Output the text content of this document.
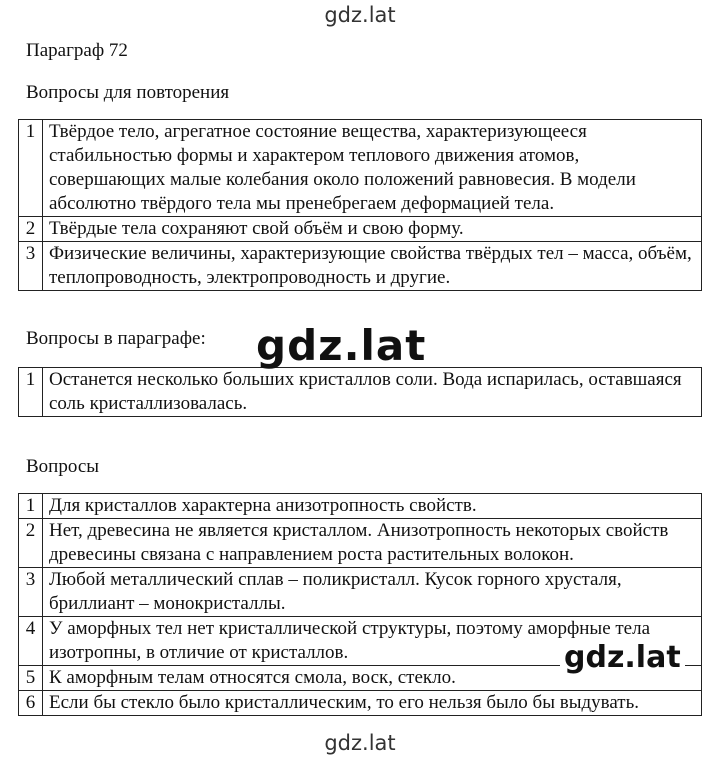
gdz.lat
Параграф 72
Вопросы для повторения
1	Твёрдое тело, агрегатное состояние вещества, характеризующееся стабильностью формы и характером теплового движения атомов, совершающих малые колебания около положений равновесия. В модели абсолютно твёрдого тела мы пренебрегаем деформацией тела.
2	Твёрдые тела сохраняют свой объём и свою форму.
3	Физические величины, характеризующие свойства твёрдых тел – масса, объём, теплопроводность, электропроводность и другие.
Вопросы в параграфе:
1	Останется несколько больших кристаллов соли. Вода испарилась, оставшаяся соль кристаллизовалась.
Вопросы
1	Для кристаллов характерна анизотропность свойств.
2	Нет, древесина не является кристаллом. Анизотропность некоторых свойств древесины связана с направлением роста растительных волокон.
3	Любой металлический сплав – поликристалл. Кусок горного хрусталя, бриллиант – монокристаллы.
4	У аморфных тел нет кристаллической структуры, поэтому аморфные тела изотропны, в отличие от кристаллов.
5	К аморфным телам относятся смола, воск, стекло.
6	Если бы стекло было кристаллическим, то его нельзя было бы выдувать.
gdz.lat
gdz.lat
gdz.lat
